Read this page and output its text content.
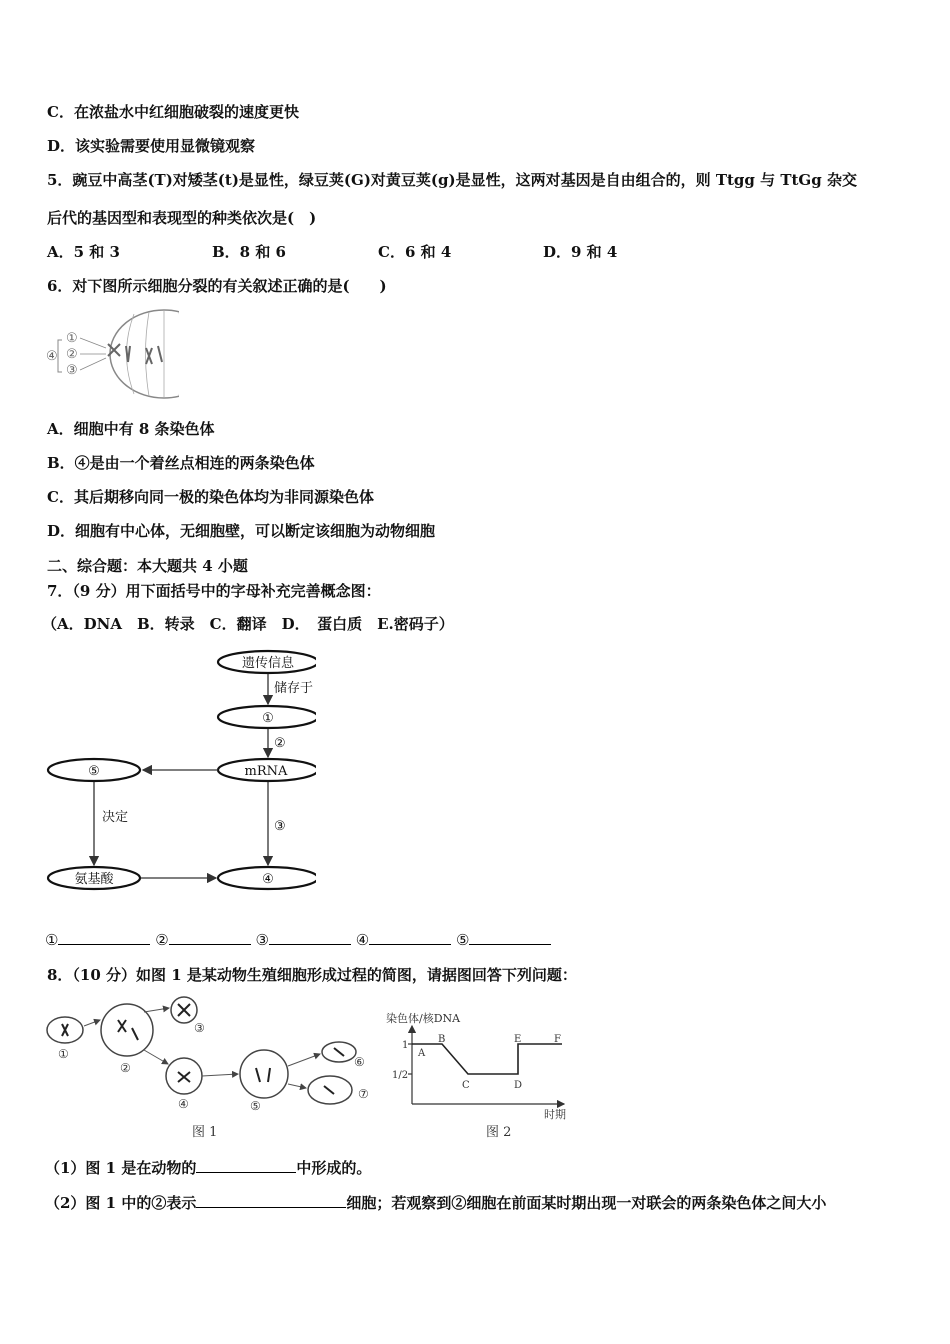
C．在浓盐水中红细胞破裂的速度更快
D．该实验需要使用显微镜观察
5．豌豆中高茎(T)对矮茎(t)是显性，绿豆荚(G)对黄豆荚(g)是显性，这两对基因是自由组合的，则 Ttgg 与 TtGg 杂交
后代的基因型和表现型的种类依次是(　)
A．5 和 3	B．8 和 6	C．6 和 4	D．9 和 4
6．对下图所示细胞分裂的有关叙述正确的是(　　)
①
②
③
④
A．细胞中有 8 条染色体
B．④是由一个着丝点相连的两条染色体
C．其后期移向同一极的染色体均为非同源染色体
D．细胞有中心体，无细胞壁，可以断定该细胞为动物细胞
二、综合题：本大题共 4 小题
7．（9 分）用下面括号中的字母补充完善概念图：
（A．DNA　B．转录　C．翻译　D．　蛋白质　E.密码子）
遗传信息
①
mRNA
⑤
氨基酸	④
储存于
②
③
决定
①	②	③	④	⑤
8．（10 分）如图 1 是某动物生殖细胞形成过程的简图，请据图回答下列问题：
①
②
③
④	⑤
⑥
⑦
图 1
染色体/核DNA
1
1/2
A
B
C	D
E	F
时期
图 2
（1）图 1 是在动物的	中形成的。
（2）图 1 中的②表示	细胞；若观察到②细胞在前面某时期出现一对联会的两条染色体之间大小
